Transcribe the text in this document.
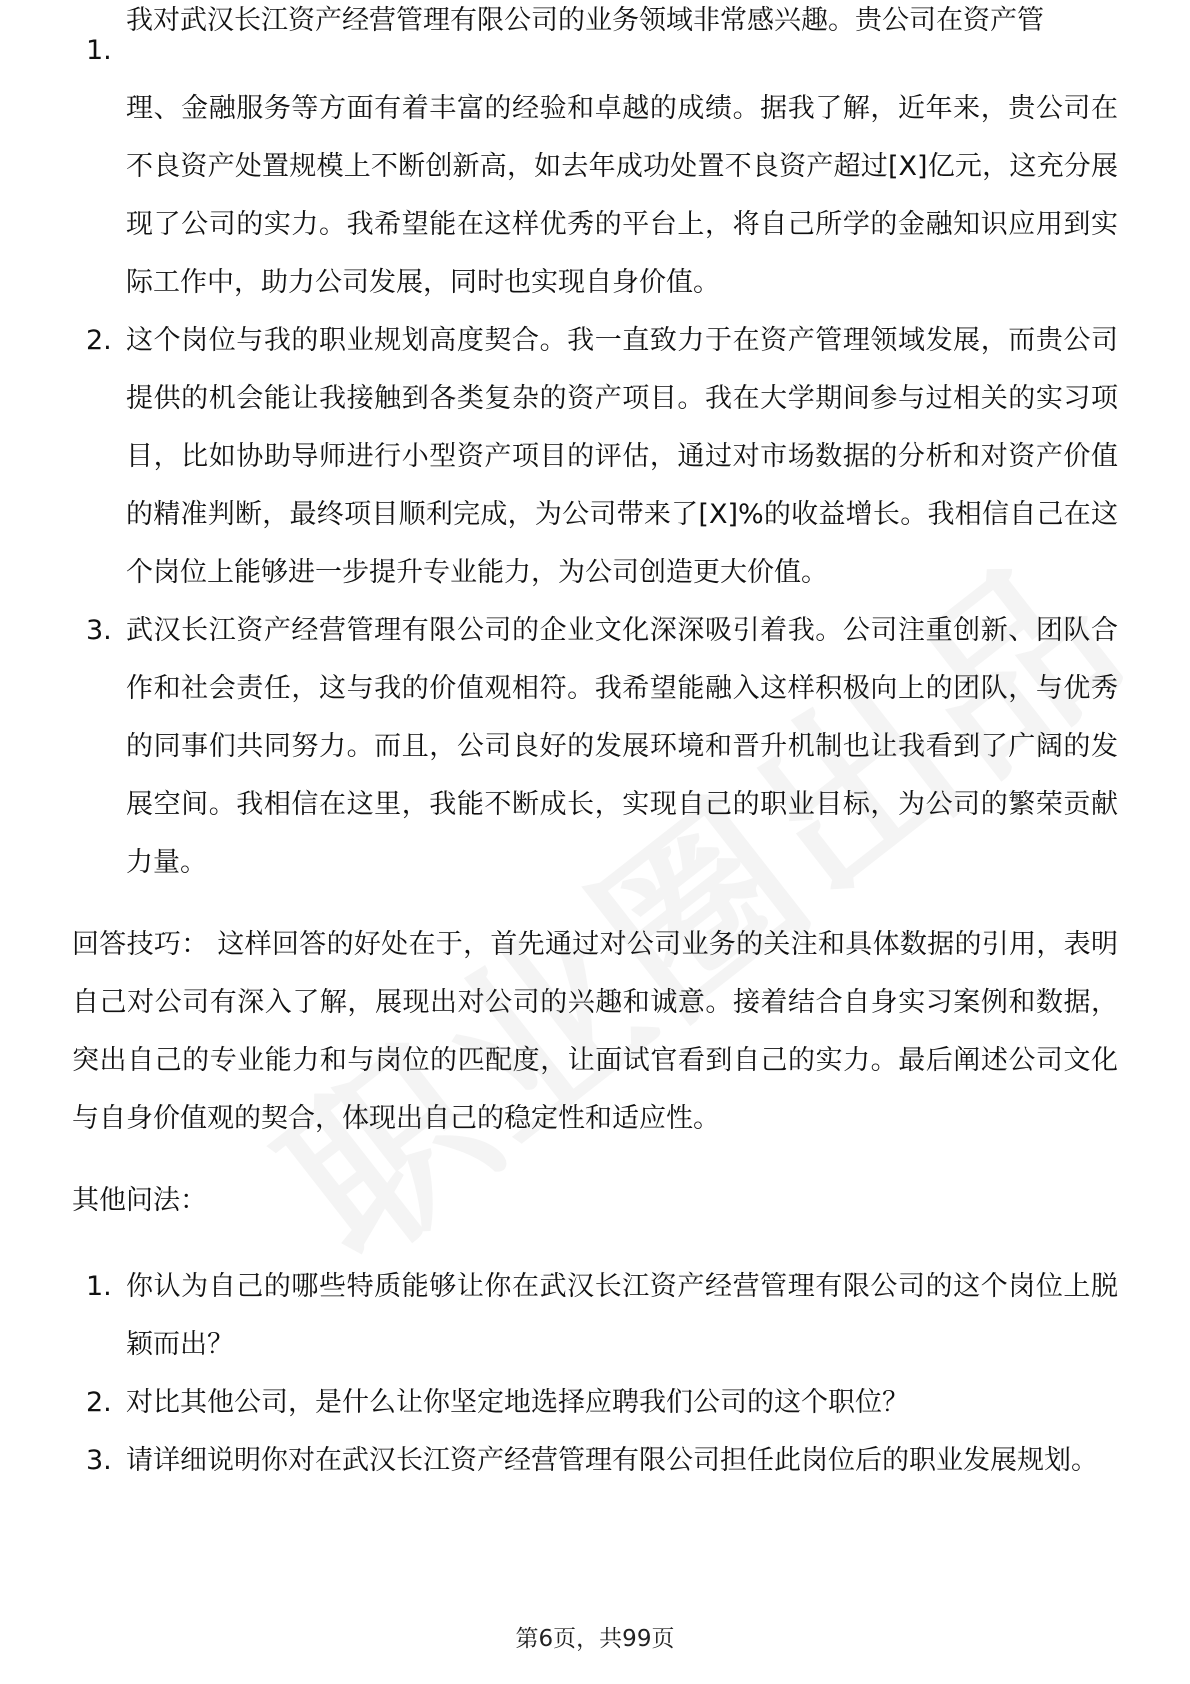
1.
我对武汉长江资产经营管理有限公司的业务领域非常感兴趣。贵公司在资产管
理、金融服务等方面有着丰富的经验和卓越的成绩。据我了解，近年来，贵公司在不良资产处置规模上不断创新高，如去年成功处置不良资产超过[X]亿元，这充分展现了公司的实力。我希望能在这样优秀的平台上，将自己所学的金融知识应用到实际工作中，助力公司发展，同时也实现自身价值。
2. 这个岗位与我的职业规划高度契合。我一直致力于在资产管理领域发展，而贵公司提供的机会能让我接触到各类复杂的资产项目。我在大学期间参与过相关的实习项目，比如协助导师进行小型资产项目的评估，通过对市场数据的分析和对资产价值的精准判断，最终项目顺利完成，为公司带来了[X]%的收益增长。我相信自己在这个岗位上能够进一步提升专业能力，为公司创造更大价值。
3. 武汉长江资产经营管理有限公司的企业文化深深吸引着我。公司注重创新、团队合作和社会责任，这与我的价值观相符。我希望能融入这样积极向上的团队，与优秀的同事们共同努力。而且，公司良好的发展环境和晋升机制也让我看到了广阔的发展空间。我相信在这里，我能不断成长，实现自己的职业目标，为公司的繁荣贡献力量。

回答技巧： 这样回答的好处在于，首先通过对公司业务的关注和具体数据的引用，表明自己对公司有深入了解，展现出对公司的兴趣和诚意。接着结合自身实习案例和数据，突出自己的专业能力和与岗位的匹配度，让面试官看到自己的实力。最后阐述公司文化与自身价值观的契合，体现出自己的稳定性和适应性。

其他问法：

1. 你认为自己的哪些特质能够让你在武汉长江资产经营管理有限公司的这个岗位上脱颖而出？
2. 对比其他公司，是什么让你坚定地选择应聘我们公司的这个职位？
3. 请详细说明你对在武汉长江资产经营管理有限公司担任此岗位后的职业发展规划。
第6页，共99页
